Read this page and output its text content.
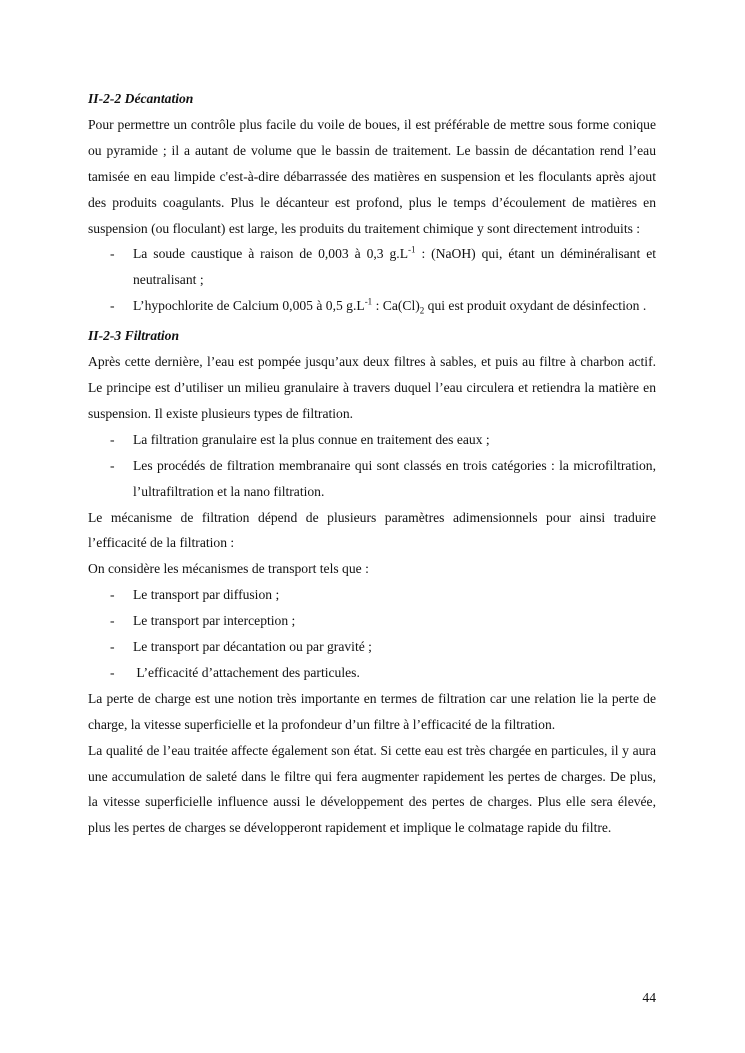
II-2-2 Décantation

Pour permettre un contrôle plus facile du voile de boues, il est préférable de mettre sous forme conique ou pyramide ; il a autant de volume que le bassin de traitement. Le bassin de décantation rend l’eau tamisée en eau limpide c'est-à-dire débarrassée des matières en suspension et les floculants après ajout des produits coagulants. Plus le décanteur est profond, plus le temps d’écoulement de matières en suspension (ou floculant) est large, les produits du traitement chimique y sont directement introduits :

- La soude caustique à raison de 0,003 à 0,3 $g.L^{-1}$ : (NaOH) qui, étant un déminéralisant et neutralisant ;
- L’hypochlorite de Calcium 0,005 à 0,5 $g.L^{-1}$ : $Ca(Cl)_2$ qui est produit oxydant de désinfection .

II-2-3 Filtration

Après cette dernière, l’eau est pompée jusqu’aux deux filtres à sables, et puis au filtre à charbon actif. Le principe est d’utiliser un milieu granulaire à travers duquel l’eau circulera et retiendra la matière en suspension. Il existe plusieurs types de filtration.

- La filtration granulaire est la plus connue en traitement des eaux ;
- Les procédés de filtration membranaire qui sont classés en trois catégories : la microfiltration, l’ultrafiltration et la nano filtration.

Le mécanisme de filtration dépend de plusieurs paramètres adimensionnels pour ainsi traduire l’efficacité de la filtration :

On considère les mécanismes de transport tels que :

- Le transport par diffusion ;
- Le transport par interception ;
- Le transport par décantation ou par gravité ;
- L’efficacité d’attachement des particules.

La perte de charge est une notion très importante en termes de filtration car une relation lie la perte de charge, la vitesse superficielle et la profondeur d’un filtre à l’efficacité de la filtration.

La qualité de l’eau traitée affecte également son état. Si cette eau est très chargée en particules, il y aura une accumulation de saleté dans le filtre qui fera augmenter rapidement les pertes de charges. De plus, la vitesse superficielle influence aussi le développement des pertes de charges. Plus elle sera élevée, plus les pertes de charges se développeront rapidement et implique le colmatage rapide du filtre.

44
